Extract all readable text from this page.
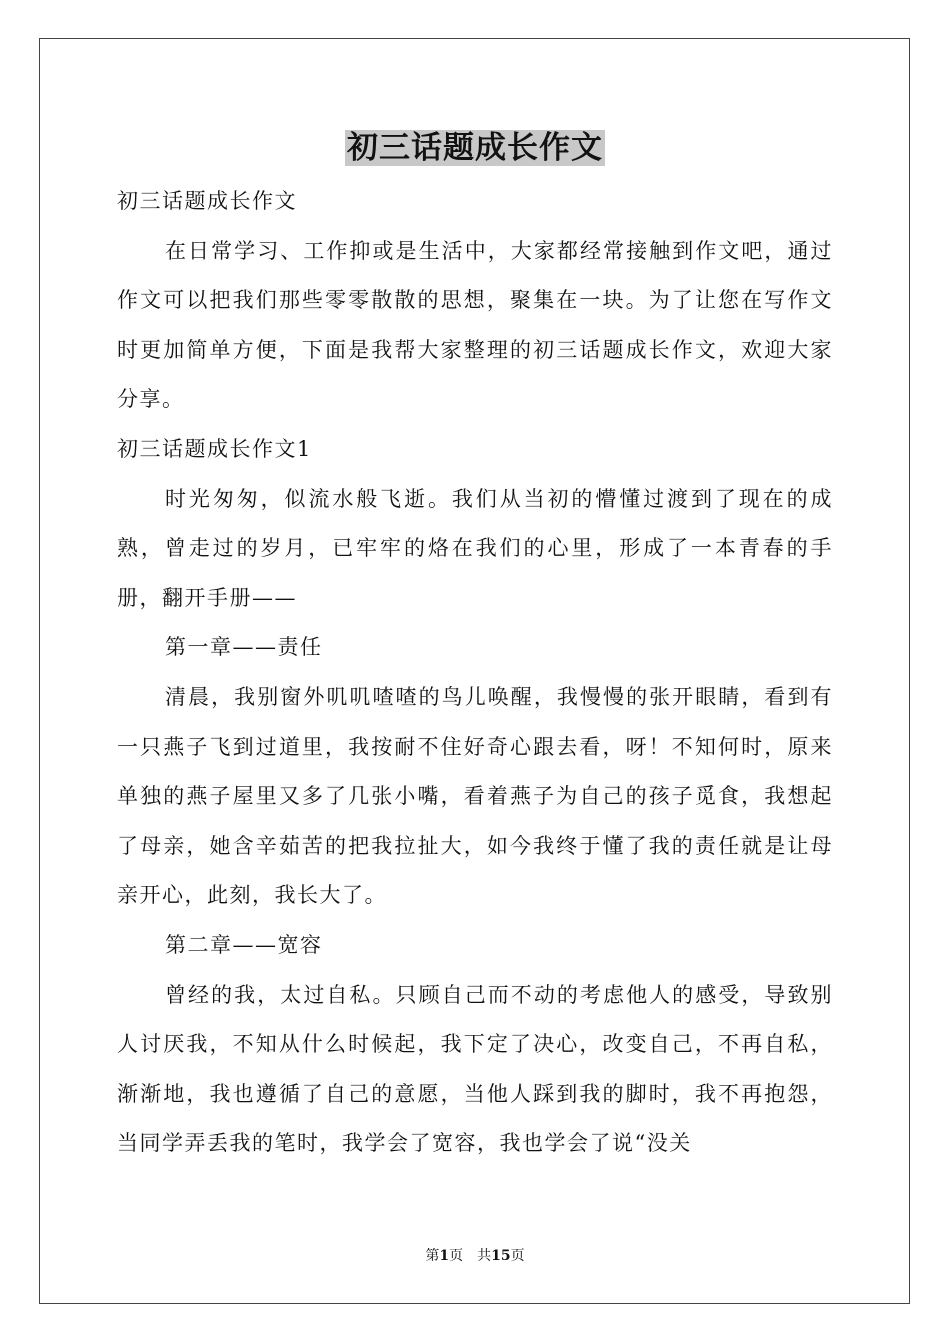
初三话题成长作文

初三话题成长作文

在日常学习、工作抑或是生活中，大家都经常接触到作文吧，通过作文可以把我们那些零零散散的思想，聚集在一块。为了让您在写作文时更加简单方便，下面是我帮大家整理的初三话题成长作文，欢迎大家分享。

初三话题成长作文1

时光匆匆，似流水般飞逝。我们从当初的懵懂过渡到了现在的成熟，曾走过的岁月，已牢牢的烙在我们的心里，形成了一本青春的手册，翻开手册——

第一章——责任

清晨，我别窗外叽叽喳喳的鸟儿唤醒，我慢慢的张开眼睛，看到有一只燕子飞到过道里，我按耐不住好奇心跟去看，呀！不知何时，原来单独的燕子屋里又多了几张小嘴，看着燕子为自己的孩子觅食，我想起了母亲，她含辛茹苦的把我拉扯大，如今我终于懂了我的责任就是让母亲开心，此刻，我长大了。

第二章——宽容

曾经的我，太过自私。只顾自己而不动的考虑他人的感受，导致别人讨厌我，不知从什么时候起，我下定了决心，改变自己，不再自私，渐渐地，我也遵循了自己的意愿，当他人踩到我的脚时，我不再抱怨，当同学弄丢我的笔时，我学会了宽容，我也学会了说“没关

第1页 共15页
